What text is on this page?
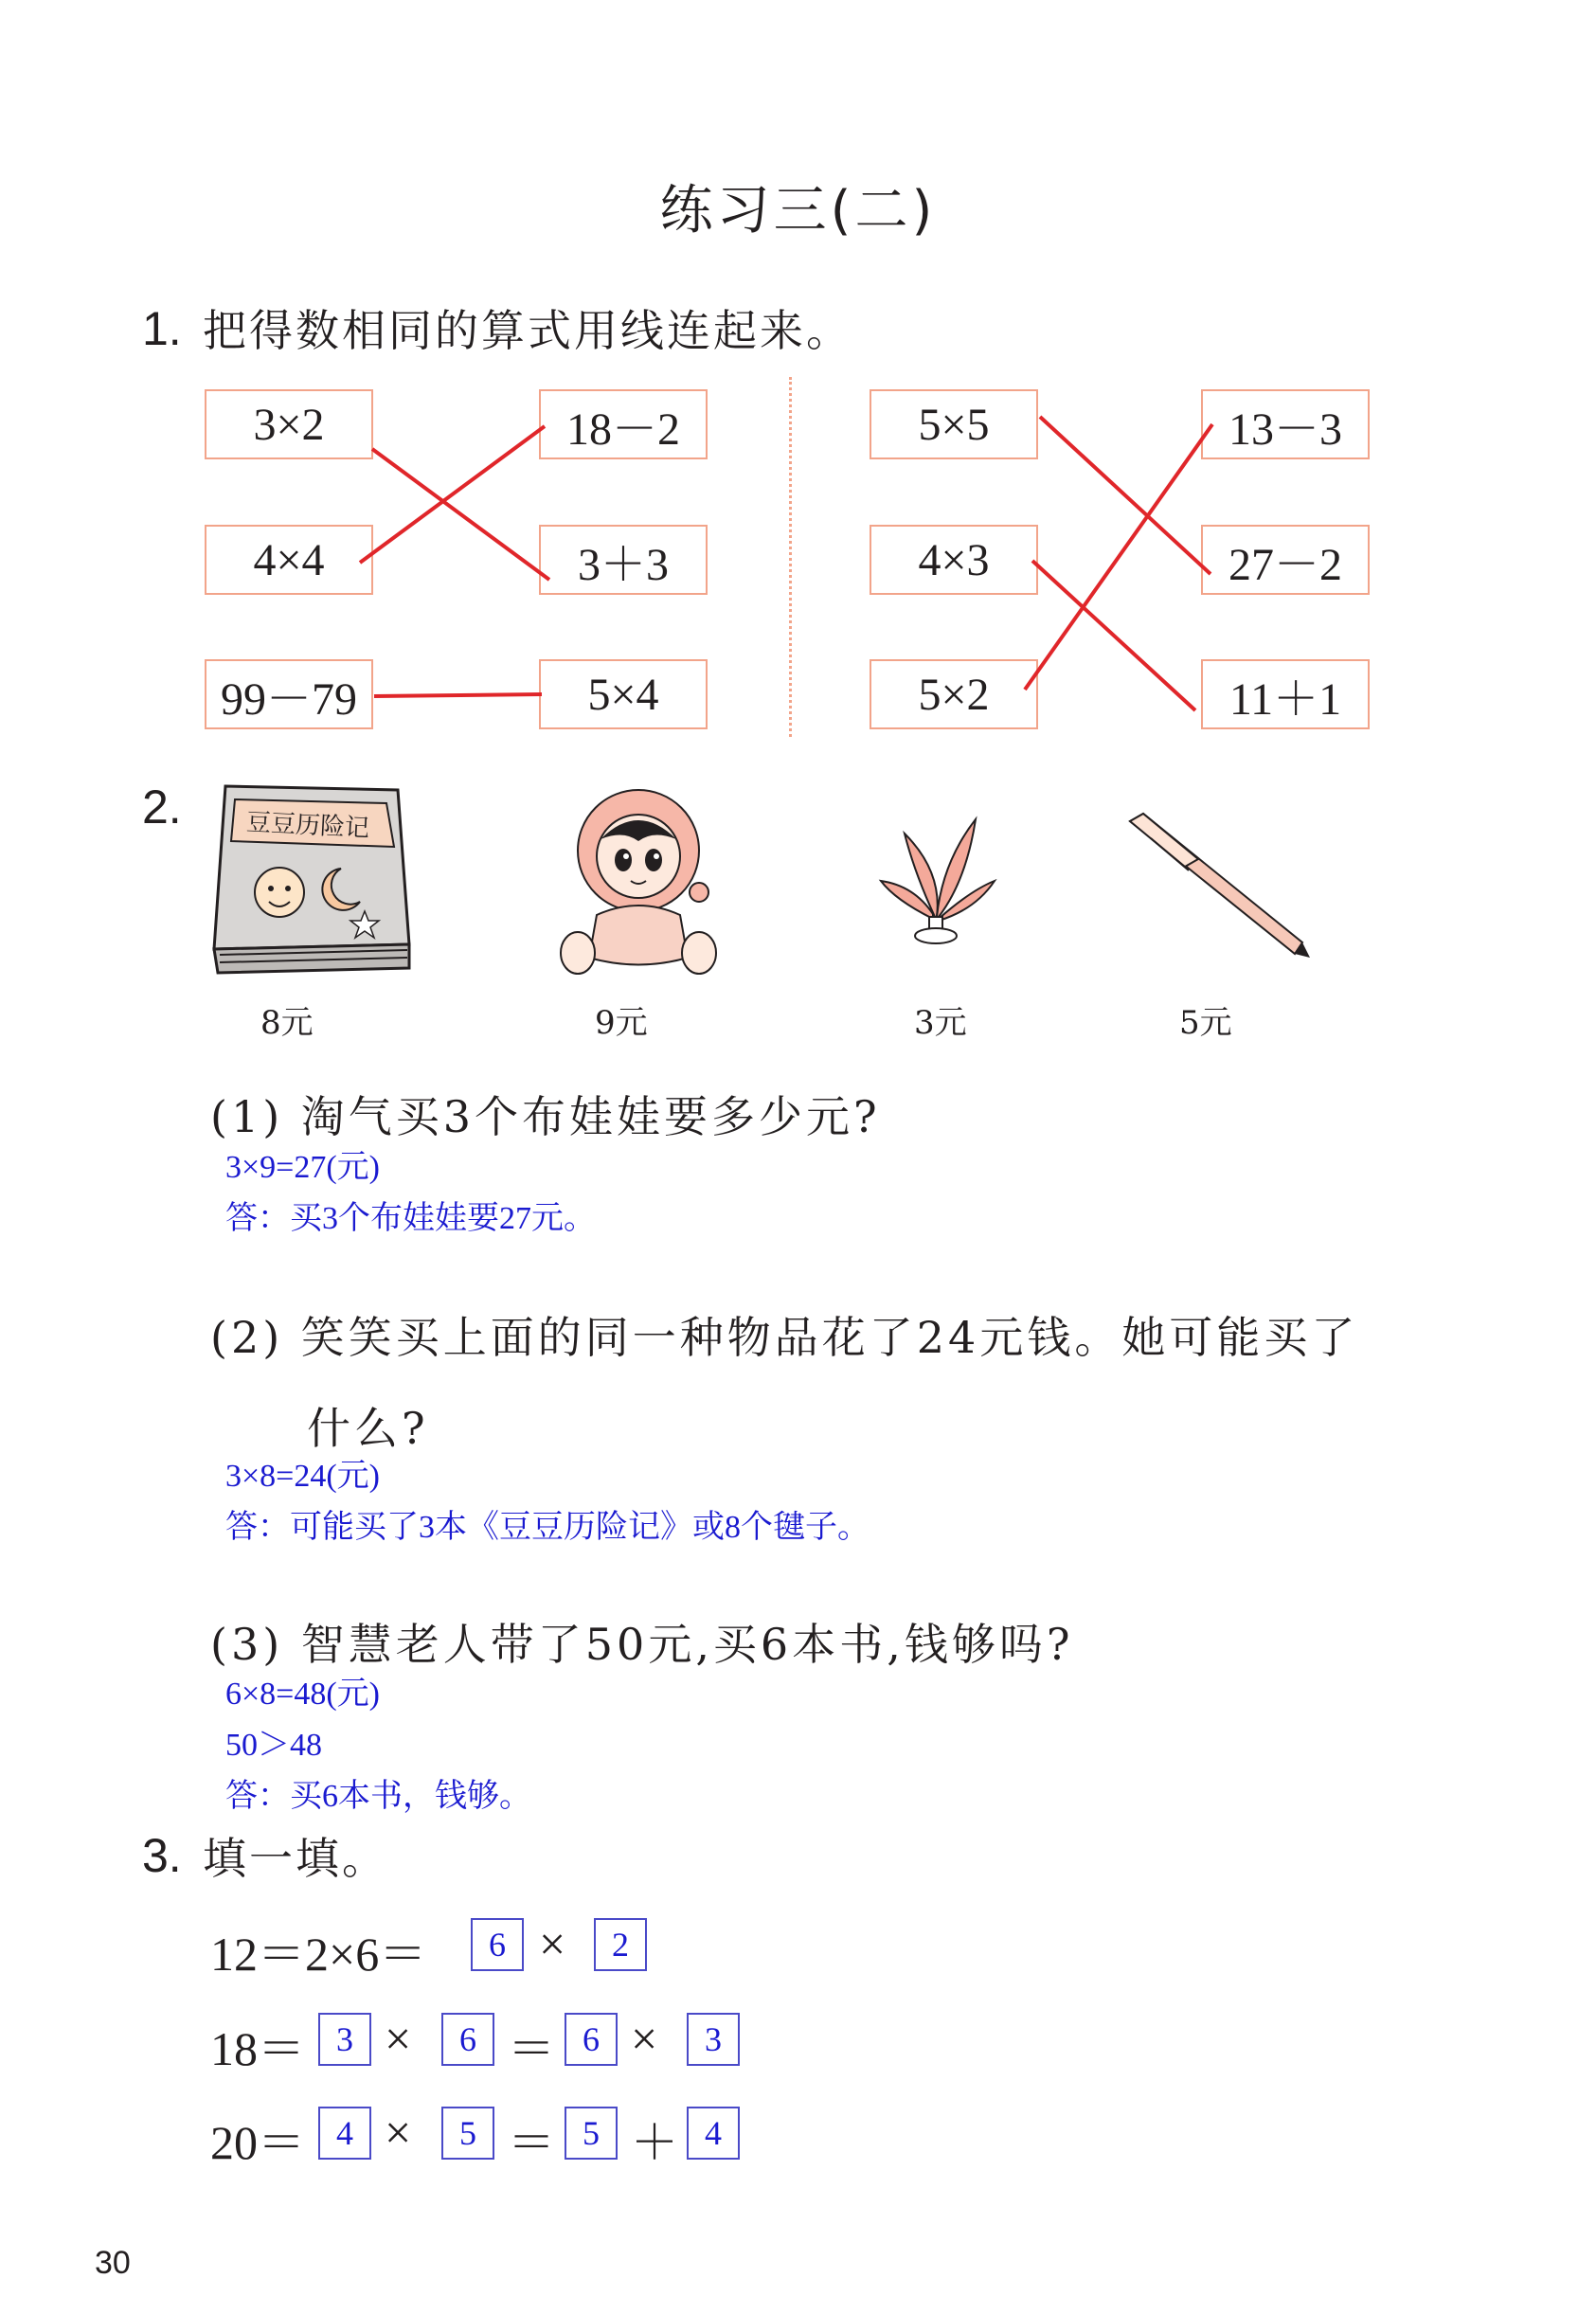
练习三(二)
1. 把得数相同的算式用线连起来。
3×2
4×4
99－79
18－2
3＋3
5×4
5×5
4×3
5×2
13－3
27－2
11＋1
2.	豆豆历险记
8元	9元	3元	5元
(1) 淘气买3个布娃娃要多少元?
3×9=27(元)
答：买3个布娃娃要27元。
(2) 笑笑买上面的同一种物品花了24元钱。她可能买了
什么?
3×8=24(元)
答：可能买了3本《豆豆历险记》或8个毽子。
(3) 智慧老人带了50元,买6本书,钱够吗?
6×8=48(元)
50＞48
答：买6本书，钱够。
3. 填一填。
12＝2×6＝	6 ×	2
18＝ 3 ×	6 ＝ 6 ×	3
20＝ 4 ×	5 ＝ 5 ＋ 4
30
